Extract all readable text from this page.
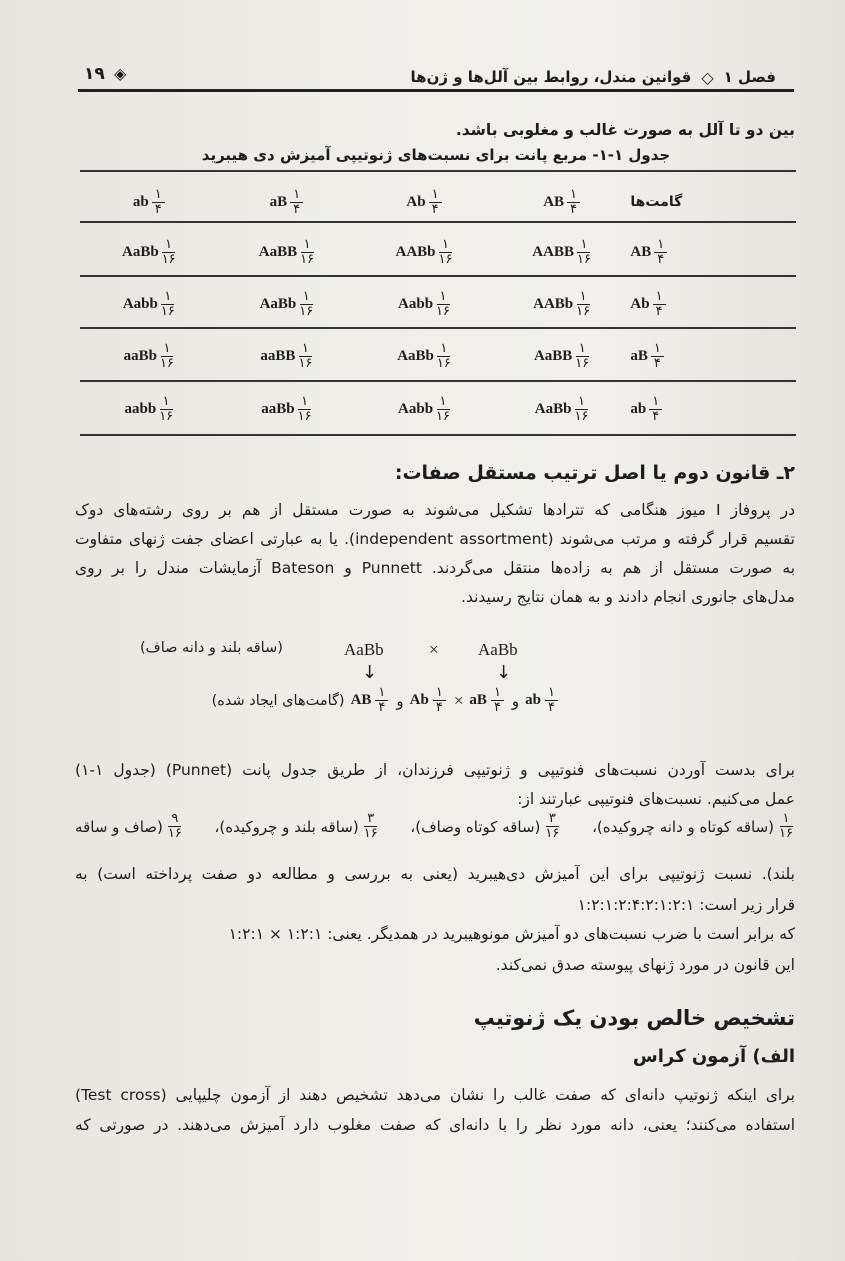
فصل ۱
◇
قوانین مندل، روابط بین آلل‌ها و ژن‌ها
۱۹ ◈
بین دو تا آلل به صورت غالب و مغلوبی باشد.
جدول ۱-۱- مربع پانت برای نسبت‌های ژنوتیپی آمیزش دی هیبرید
گامت‌ها
AB $\frac{۱}{۴}$
Ab $\frac{۱}{۴}$
aB $\frac{۱}{۴}$
ab $\frac{۱}{۴}$
AB $\frac{۱}{۴}$
AABB $\frac{۱}{۱۶}$
AABb $\frac{۱}{۱۶}$
AaBB $\frac{۱}{۱۶}$
AaBb $\frac{۱}{۱۶}$
Ab $\frac{۱}{۴}$
AABb $\frac{۱}{۱۶}$
Aabb $\frac{۱}{۱۶}$
AaBb $\frac{۱}{۱۶}$
Aabb $\frac{۱}{۱۶}$
aB $\frac{۱}{۴}$
AaBB $\frac{۱}{۱۶}$
AaBb $\frac{۱}{۱۶}$
aaBB $\frac{۱}{۱۶}$
aaBb $\frac{۱}{۱۶}$
ab $\frac{۱}{۴}$
AaBb $\frac{۱}{۱۶}$
Aabb $\frac{۱}{۱۶}$
aaBb $\frac{۱}{۱۶}$
aabb $\frac{۱}{۱۶}$
۲ـ قانون دوم یا اصل ترتیب مستقل صفات:
در پروفاز I میوز هنگامی که تترادها تشکیل می‌شوند به صورت مستقل از هم بر روی رشته‌های دوک
تقسیم قرار گرفته و مرتب می‌شوند (independent assortment). یا به عبارتی اعضای جفت ژنهای متفاوت
به صورت مستقل از هم به زاده‌ها منتقل می‌گردند. Punnett و Bateson آزمایشات مندل را بر روی
مدل‌های جانوری انجام دادند و به همان نتایج رسیدند.
AaBb
×
AaBb
(ساقه بلند و دانه صاف)
↓
↓
ab $\frac{۱}{۴}$
و
aB $\frac{۱}{۴}$
×
Ab $\frac{۱}{۴}$
و
AB $\frac{۱}{۴}$
(گامت‌های ایجاد شده)
برای بدست آوردن نسبت‌های فنوتیپی و ژنوتیپی فرزندان، از طریق جدول پانت (Punnet) (جدول ۱-۱)
عمل می‌کنیم. نسبت‌های فنوتیپی عبارتند از:
$\frac{۱}{۱۶}$
(ساقه کوتاه و دانه چروکیده)،
$\frac{۳}{۱۶}$
(ساقه کوتاه وصاف)،
$\frac{۳}{۱۶}$
(ساقه بلند و چروکیده)،
$\frac{۹}{۱۶}$
(صاف و ساقه
بلند). نسبت ژنوتیپی برای این آمیزش دی‌هیبرید (یعنی به بررسی و مطالعه دو صفت پرداخته است) به
قرار زیر است: ۱:۲:۱:۲:۴:۲:۱:۲:۱
که برابر است با ضرب نسبت‌های دو آمیزش مونوهیبرید در همدیگر. یعنی: ۱:۲:۱ × ۱:۲:۱
این قانون در مورد ژنهای پیوسته صدق نمی‌کند.
تشخیص خالص بودن یک ژنوتیپ
الف) آزمون کراس
برای اینکه ژنوتیپ دانه‌ای که صفت غالب را نشان می‌دهد تشخیص دهند از آزمون چلیپایی (Test cross)
استفاده می‌کنند؛ یعنی، دانه مورد نظر را با دانه‌ای که صفت مغلوب دارد آمیزش می‌دهند. در صورتی که
